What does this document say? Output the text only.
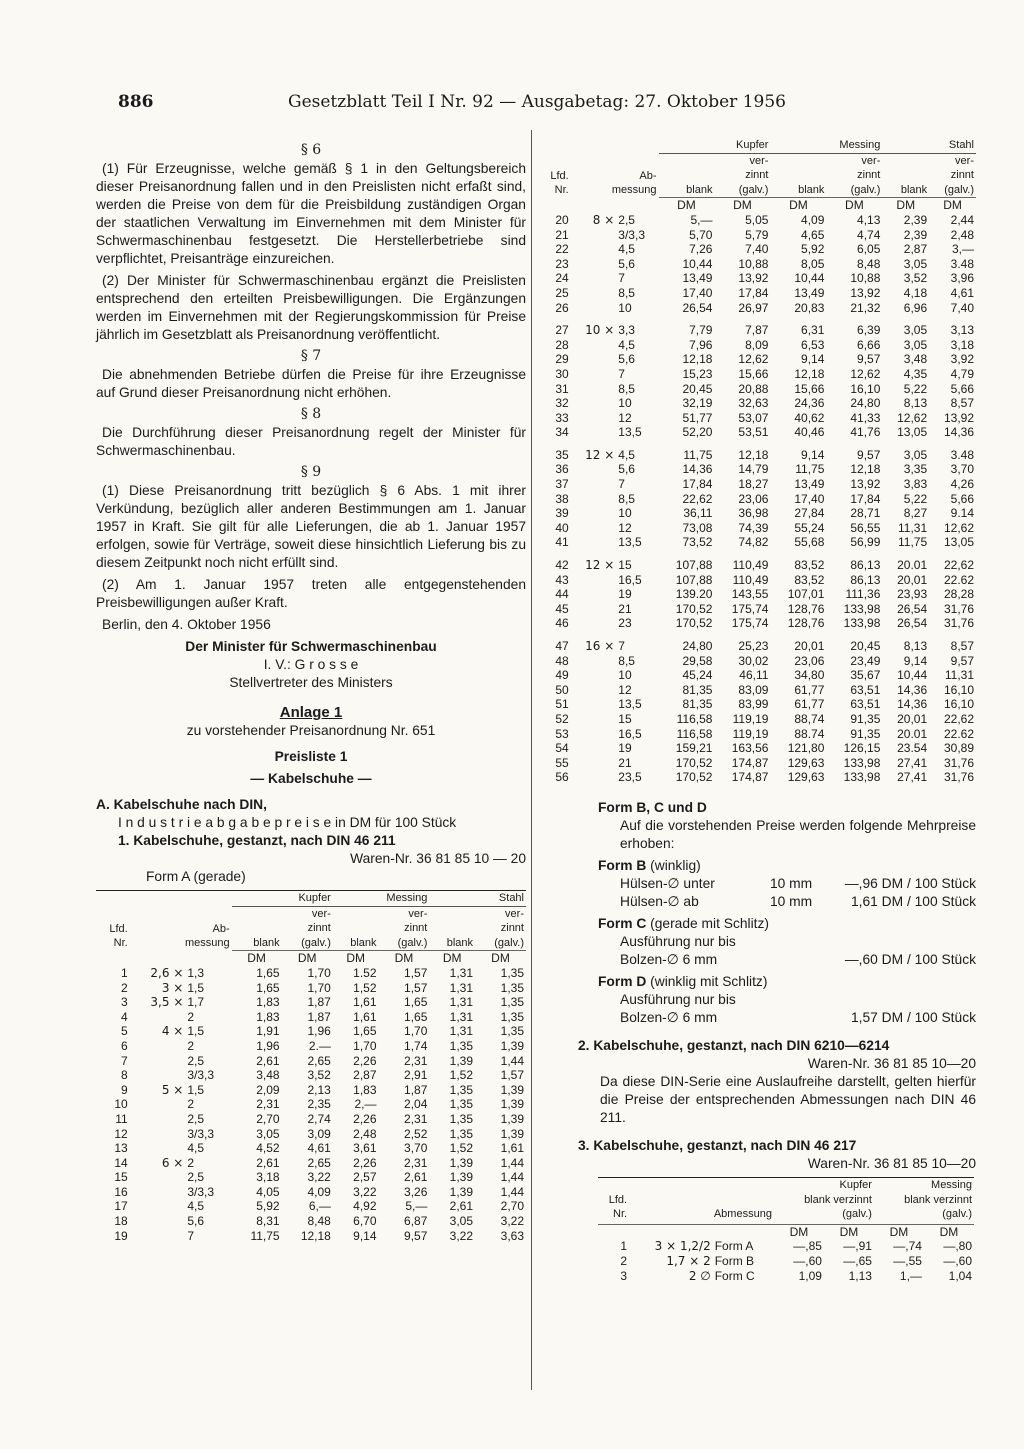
886	Gesetzblatt Teil I Nr. 92 — Ausgabetag: 27. Oktober 1956
§ 6

(1) Für Erzeugnisse, welche gemäß § 1 in den Geltungsbereich dieser Preisanordnung fallen und in den Preislisten nicht erfaßt sind, werden die Preise von dem für die Preisbildung zuständigen Organ der staatlichen Verwaltung im Einvernehmen mit dem Minister für Schwermaschinenbau festgesetzt. Die Herstellerbetriebe sind verpflichtet, Preisanträge einzureichen.

(2) Der Minister für Schwermaschinenbau ergänzt die Preislisten entsprechend den erteilten Preisbewilligungen. Die Ergänzungen werden im Einvernehmen mit der Regierungskommission für Preise jährlich im Gesetzblatt als Preisanordnung veröffentlicht.

§ 7

Die abnehmenden Betriebe dürfen die Preise für ihre Erzeugnisse auf Grund dieser Preisanordnung nicht erhöhen.

§ 8

Die Durchführung dieser Preisanordnung regelt der Minister für Schwermaschinenbau.

§ 9

(1) Diese Preisanordnung tritt bezüglich § 6 Abs. 1 mit ihrer Verkündung, bezüglich aller anderen Bestimmungen am 1. Januar 1957 in Kraft. Sie gilt für alle Lieferungen, die ab 1. Januar 1957 erfolgen, sowie für Verträge, soweit diese hinsichtlich Lieferung bis zu diesem Zeitpunkt noch nicht erfüllt sind.

(2) Am 1. Januar 1957 treten alle entgegenstehenden Preisbewilligungen außer Kraft.

Berlin, den 4. Oktober 1956

Der Minister für Schwermaschinenbau
I. V.: G r o s s e
Stellvertreter des Ministers
Anlage 1
zu vorstehender Preisanordnung Nr. 651
Preisliste 1
— Kabelschuhe —
A. Kabelschuhe nach DIN,
I n d u s t r i e a b g a b e p r e i s e in DM für 100 Stück
1. Kabelschuhe, gestanzt, nach DIN 46 211
Waren-Nr. 36 81 85 10 — 20
Form A (gerade)
Lfd.
Nr.	Ab-
messung		Kupfer		Messing		Stahl	
			blank	ver-
zinnt
(galv.)	blank	ver-
zinnt
(galv.)	blank	ver-
zinnt
(galv.)
			DM	DM	DM	DM	DM	DM
1	2,6 ×	1,3	1,65	1,70	1.52	1,57	1,31	1,35
2	3 ×	1,5	1,65	1,70	1,52	1,57	1,31	1,35
3	3,5 ×	1,7	1,83	1,87	1,61	1,65	1,31	1,35
4		2	1,83	1,87	1,61	1,65	1,31	1,35
5	4 ×	1,5	1,91	1,96	1,65	1,70	1,31	1,35
6		2	1,96	2.—	1,70	1,74	1,35	1,39
7		2,5	2,61	2,65	2,26	2,31	1,39	1,44
8		3/3,3	3,48	3,52	2,87	2,91	1,52	1,57
9	5 ×	1,5	2,09	2,13	1,83	1,87	1,35	1,39
10		2	2,31	2,35	2,—	2,04	1,35	1,39
11		2,5	2,70	2,74	2,26	2,31	1,35	1,39
12		3/3,3	3,05	3,09	2,48	2,52	1,35	1,39
13		4,5	4,52	4,61	3,61	3,70	1,52	1,61
14	6 ×	2	2,61	2,65	2,26	2,31	1,39	1,44
15		2,5	3,18	3,22	2,57	2,61	1,39	1,44
16		3/3,3	4,05	4,09	3,22	3,26	1,39	1,44
17		4,5	5,92	6,—	4,92	5,—	2,61	2,70
18		5,6	8,31	8,48	6,70	6,87	3,05	3,22
19		7	11,75	12,18	9,14	9,57	3,22	3,63
Lfd.
Nr.	Ab-
messung		Kupfer		Messing		Stahl	
			blank	ver-
zinnt
(galv.)	blank	ver-
zinnt
(galv.)	blank	ver-
zinnt
(galv.)
			DM	DM	DM	DM	DM	DM
20	8 ×	2,5	5,—	5,05	4,09	4,13	2,39	2,44
21		3/3,3	5,70	5,79	4,65	4,74	2,39	2,48
22		4,5	7,26	7,40	5,92	6,05	2,87	3,—
23		5,6	10,44	10,88	8,05	8,48	3,05	3.48
24		7	13,49	13,92	10,44	10,88	3,52	3,96
25		8,5	17,40	17,84	13,49	13,92	4,18	4,61
26		10	26,54	26,97	20,83	21,32	6,96	7,40

27	10 ×	3,3	7,79	7,87	6,31	6,39	3,05	3,13
28		4,5	7,96	8,09	6,53	6,66	3,05	3,18
29		5,6	12,18	12,62	9,14	9,57	3,48	3,92
30		7	15,23	15,66	12,18	12,62	4,35	4,79
31		8,5	20,45	20,88	15,66	16,10	5,22	5,66
32		10	32,19	32,63	24,36	24,80	8,13	8,57
33		12	51,77	53,07	40,62	41,33	12,62	13,92
34		13,5	52,20	53,51	40,46	41,76	13,05	14,36

35	12 ×	4,5	11,75	12,18	9,14	9,57	3,05	3.48
36		5,6	14,36	14,79	11,75	12,18	3,35	3,70
37		7	17,84	18,27	13,49	13,92	3,83	4,26
38		8,5	22,62	23,06	17,40	17,84	5,22	5,66
39		10	36,11	36,98	27,84	28,71	8,27	9.14
40		12	73,08	74,39	55,24	56,55	11,31	12,62
41		13,5	73,52	74,82	55,68	56,99	11,75	13,05

42	12 ×	15	107,88	110,49	83,52	86,13	20.01	22,62
43		16,5	107,88	110,49	83,52	86,13	20,01	22.62
44		19	139.20	143,55	107,01	111,36	23,93	28,28
45		21	170,52	175,74	128,76	133,98	26,54	31,76
46		23	170,52	175,74	128,76	133,98	26,54	31,76

47	16 ×	7	24,80	25,23	20,01	20,45	8,13	8,57
48		8,5	29,58	30,02	23,06	23,49	9,14	9,57
49		10	45,24	46,11	34,80	35,67	10,44	11,31
50		12	81,35	83,09	61,77	63,51	14,36	16,10
51		13,5	81,35	83,99	61,77	63,51	14,36	16,10
52		15	116,58	119,19	88,74	91,35	20,01	22,62
53		16,5	116,58	119,19	88.74	91,35	20.01	22.62
54		19	159,21	163,56	121,80	126,15	23.54	30,89
55		21	170,52	174,87	129,63	133,98	27,41	31,76
56		23,5	170,52	174,87	129,63	133,98	27,41	31,76
Form B, C und D
Auf die vorstehenden Preise werden folgende Mehrpreise erhoben:
Form B (winklig)
Hülsen-∅ unter	10 mm	—,96 DM / 100 Stück
Hülsen-∅ ab	10 mm	1,61 DM / 100 Stück
Form C (gerade mit Schlitz)
Ausführung nur bis
Bolzen-∅ 6 mm	—,60 DM / 100 Stück
Form D (winklig mit Schlitz)
Ausführung nur bis
Bolzen-∅ 6 mm	1,57 DM / 100 Stück
2. Kabelschuhe, gestanzt, nach DIN 6210—6214
Waren-Nr. 36 81 85 10—20

Da diese DIN-Serie eine Auslaufreihe darstellt, gelten hierfür die Preise der entsprechenden Abmessungen nach DIN 46 211.

3. Kabelschuhe, gestanzt, nach DIN 46 217
Waren-Nr. 36 81 85 10—20
Lfd.
Nr.	Abmessung		Kupfer
blank verzinnt
(galv.)		Messing
blank verzinnt
(galv.)	

			DM	DM	DM	DM
1	3 × 1,2/2	Form A	—,85	—,91	—,74	—,80
2	1,7 × 2	Form B	—,60	—,65	—,55	—,60
3	2 ∅	Form C	1,09	1,13	1,—	1,04
